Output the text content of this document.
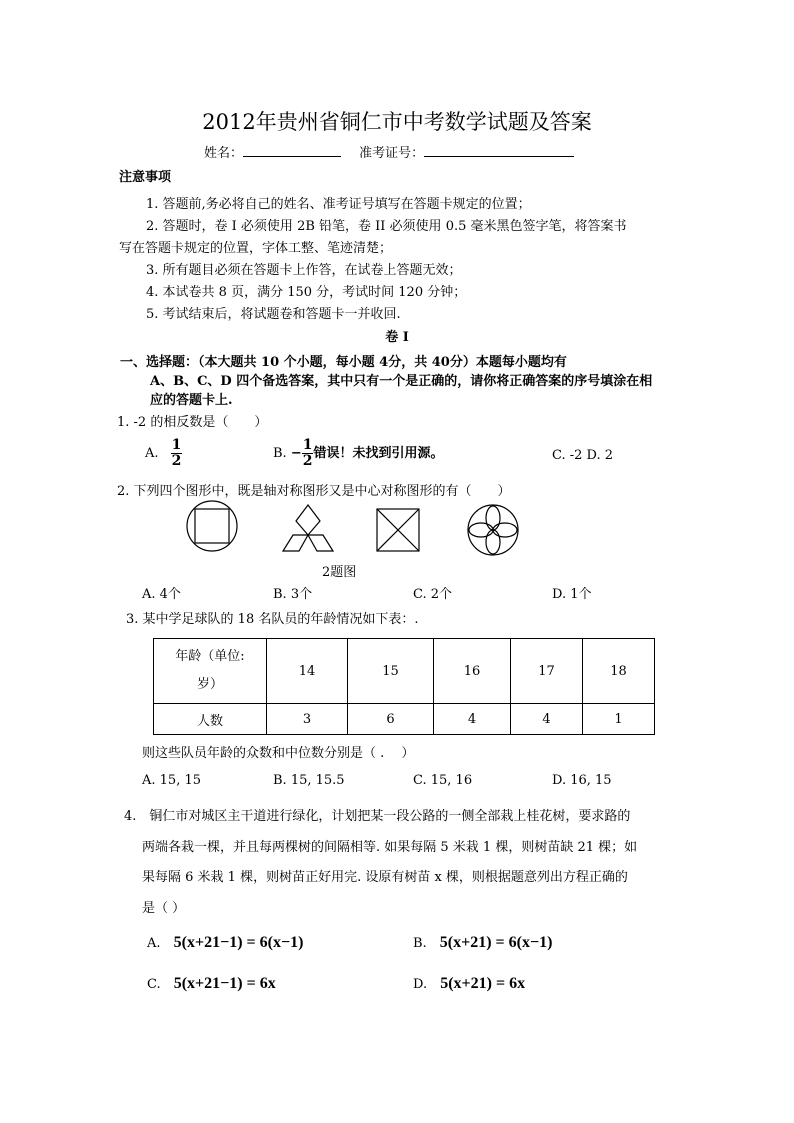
2012年贵州省铜仁市中考数学试题及答案
姓名：	准考证号：
注意事项
1. 答题前,务必将自己的姓名、准考证号填写在答题卡规定的位置；
2. 答题时，卷 I 必须使用 2B 铅笔，卷 II 必须使用 0.5 毫米黑色签字笔，将答案书
写在答题卡规定的位置，字体工整、笔迹清楚；
3. 所有题目必须在答题卡上作答，在试卷上答题无效；
4. 本试卷共 8 页，满分 150 分，考试时间 120 分钟；
5. 考试结束后，将试题卷和答题卡一并收回.
卷 I
一、选择题：（本大题共 10 个小题，每小题 4分，共 40分）本题每小题均有
A、B、C、D 四个备选答案，其中只有一个是正确的，请你将正确答案的序号填涂在相
应的答题卡上.
1. -2 的相反数是（　　）
A. $\frac{1}{2}$	B. − $\frac{1}{2}$ 错误！未找到引用源。	C. -2 D. 2
2. 下列四个图形中，既是轴对称图形又是中心对称图形的有（　　）
2题图
A. 4个	B. 3个	C. 2个	D. 1个
3. 某中学足球队的 18 名队员的年龄情况如下表：.
年龄（单位:
岁）	14	15	16	17	18
人数	3	6	4	4	1
则这些队员年龄的众数和中位数分别是（ .　 ）
A. 15, 15	B. 15, 15.5	C. 15, 16	D. 16, 15
4.　铜仁市对城区主干道进行绿化，计划把某一段公路的一侧全部栽上桂花树，要求路的
两端各栽一棵，并且每两棵树的间隔相等. 如果每隔 5 米栽 1 棵，则树苗缺 21 棵；如
果每隔 6 米栽 1 棵，则树苗正好用完. 设原有树苗 x 棵，则根据题意列出方程正确的
是（ ）
A. 5(x+21−1) = 6(x−1)	B. 5(x+21) = 6(x−1)
C. 5(x+21−1) = 6x	D. 5(x+21) = 6x
